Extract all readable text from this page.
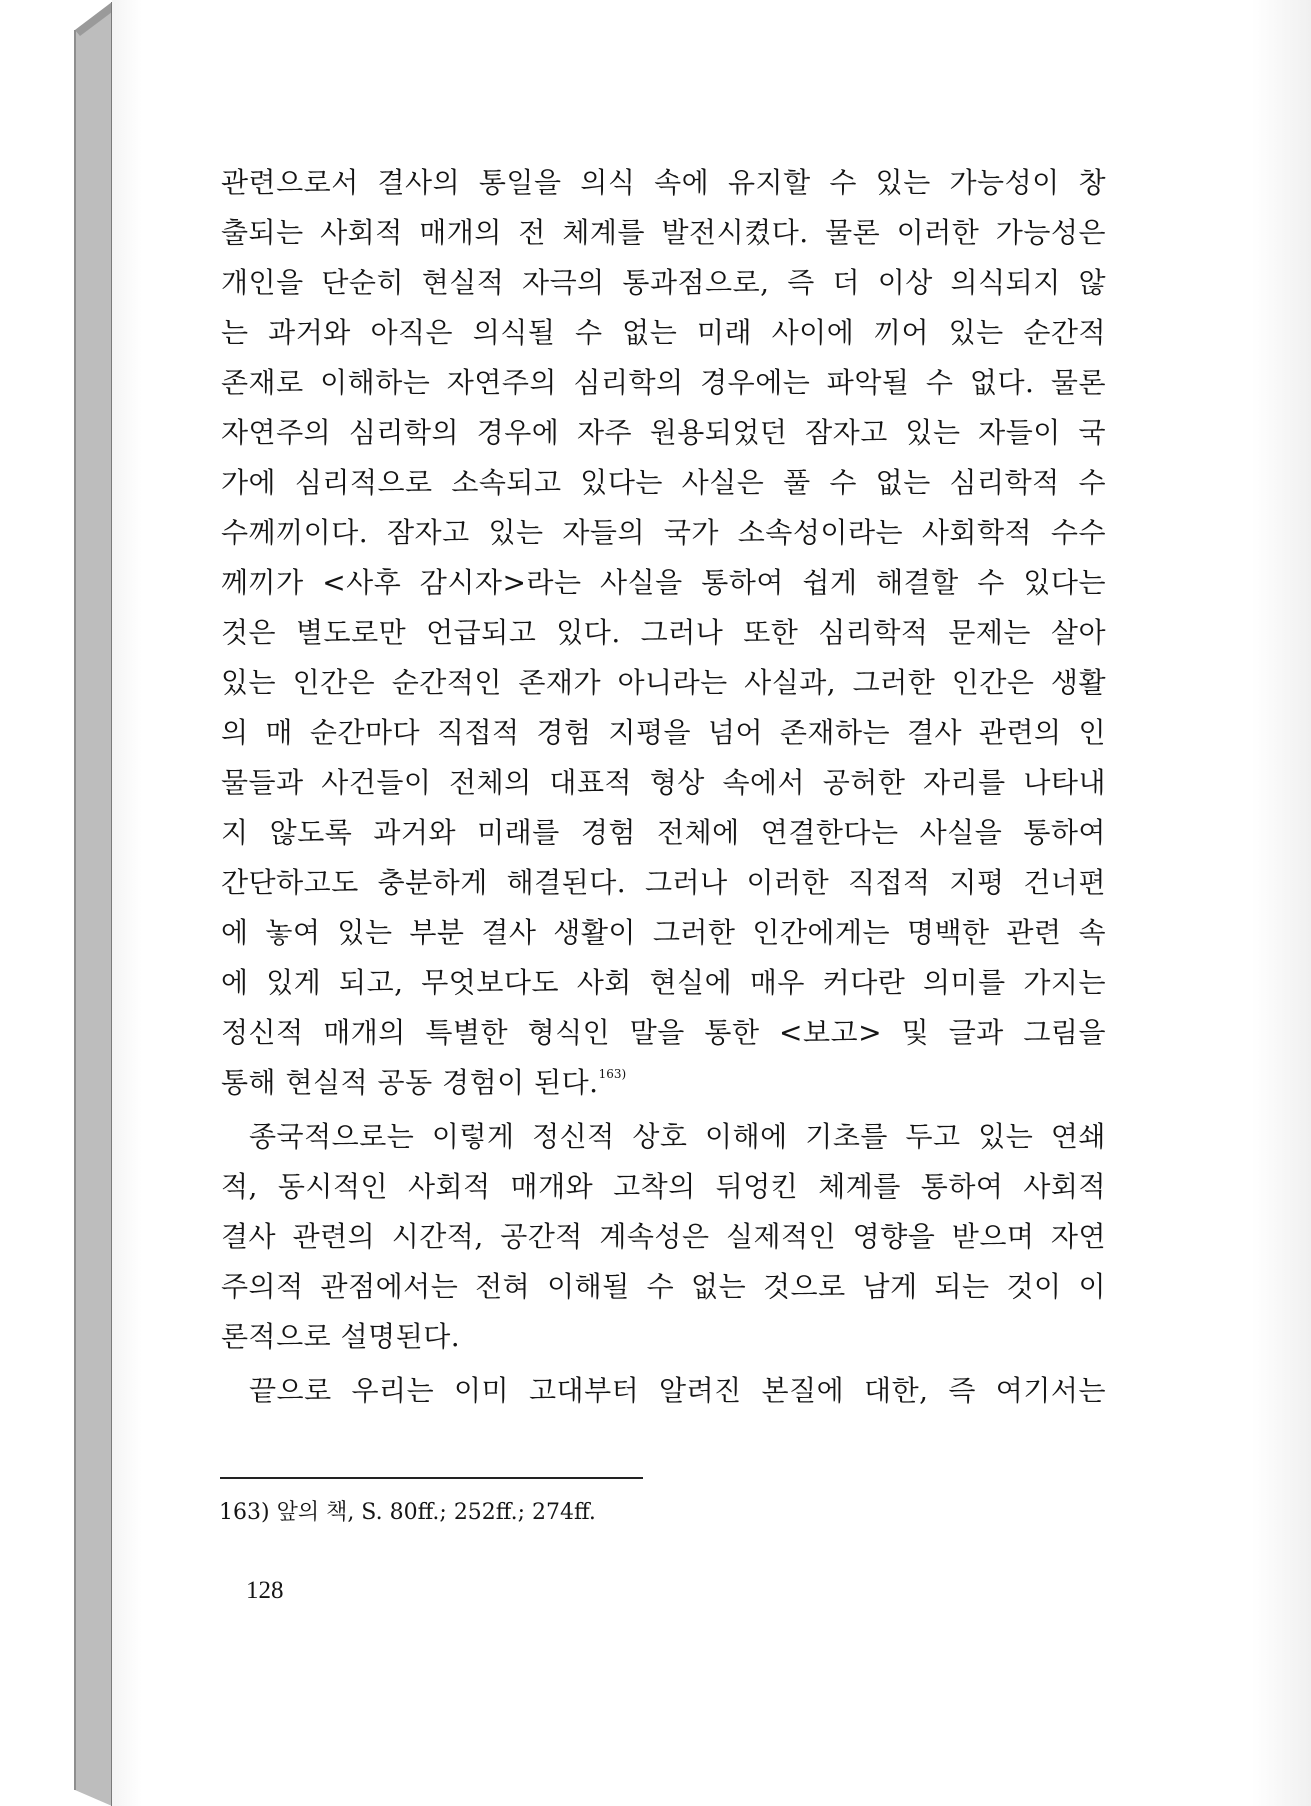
관련으로서 결사의 통일을 의식 속에 유지할 수 있는 가능성이 창
출되는 사회적 매개의 전 체계를 발전시켰다. 물론 이러한 가능성은
개인을 단순히 현실적 자극의 통과점으로, 즉 더 이상 의식되지 않
는 과거와 아직은 의식될 수 없는 미래 사이에 끼어 있는 순간적
존재로 이해하는 자연주의 심리학의 경우에는 파악될 수 없다. 물론
자연주의 심리학의 경우에 자주 원용되었던 잠자고 있는 자들이 국
가에 심리적으로 소속되고 있다는 사실은 풀 수 없는 심리학적 수
수께끼이다. 잠자고 있는 자들의 국가 소속성이라는 사회학적 수수
께끼가 <사후 감시자>라는 사실을 통하여 쉽게 해결할 수 있다는
것은 별도로만 언급되고 있다. 그러나 또한 심리학적 문제는 살아
있는 인간은 순간적인 존재가 아니라는 사실과, 그러한 인간은 생활
의 매 순간마다 직접적 경험 지평을 넘어 존재하는 결사 관련의 인
물들과 사건들이 전체의 대표적 형상 속에서 공허한 자리를 나타내
지 않도록 과거와 미래를 경험 전체에 연결한다는 사실을 통하여
간단하고도 충분하게 해결된다. 그러나 이러한 직접적 지평 건너편
에 놓여 있는 부분 결사 생활이 그러한 인간에게는 명백한 관련 속
에 있게 되고, 무엇보다도 사회 현실에 매우 커다란 의미를 가지는
정신적 매개의 특별한 형식인 말을 통한 <보고> 및 글과 그림을
통해 현실적 공동 경험이 된다.$^{163)}$
종국적으로는 이렇게 정신적 상호 이해에 기초를 두고 있는 연쇄
적, 동시적인 사회적 매개와 고착의 뒤엉킨 체계를 통하여 사회적
결사 관련의 시간적, 공간적 계속성은 실제적인 영향을 받으며 자연
주의적 관점에서는 전혀 이해될 수 없는 것으로 남게 되는 것이 이
론적으로 설명된다.
끝으로 우리는 이미 고대부터 알려진 본질에 대한, 즉 여기서는
163) 앞의 책, S. 80ff.; 252ff.; 274ff.
128
